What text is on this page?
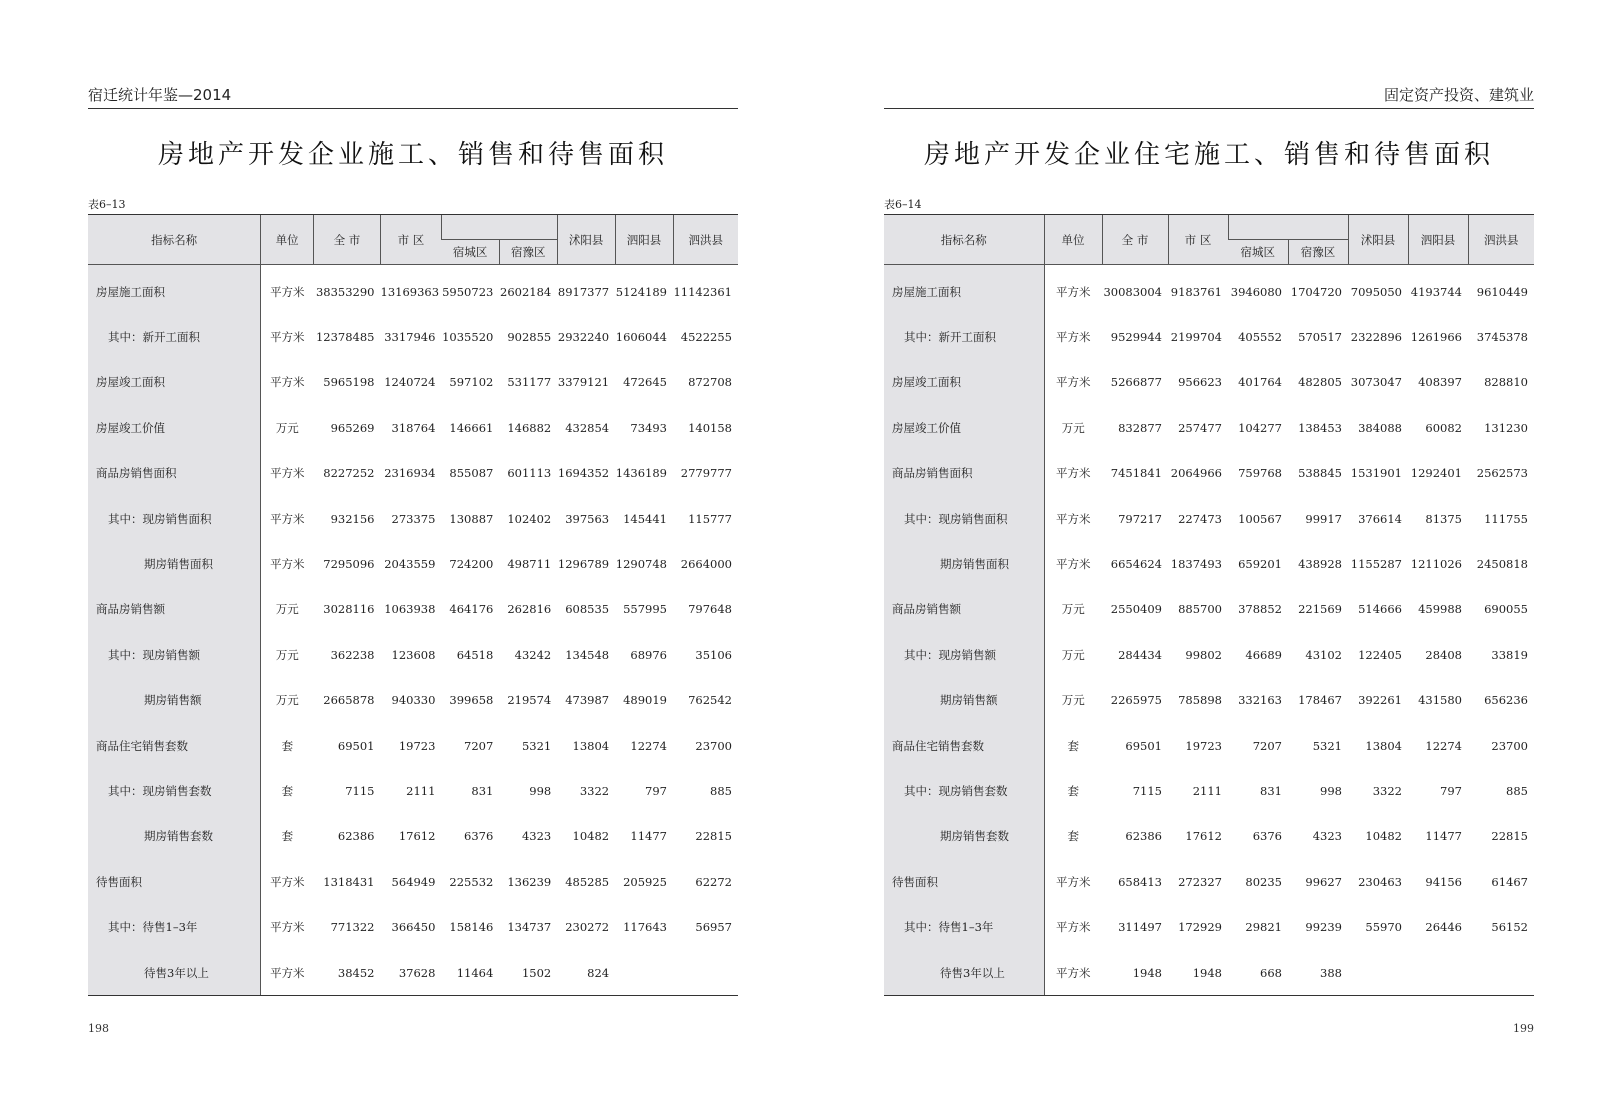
宿迁统计年鉴—2014
房地产开发企业施工、销售和待售面积
表6–13
指标名称	单位	全 市	市 区			沭阳县	泗阳县	泗洪县
				宿城区	宿豫区			
房屋施工面积	平方米	38353290	13169363	5950723	2602184	8917377	5124189	11142361
其中：新开工面积	平方米	12378485	3317946	1035520	902855	2932240	1606044	4522255
房屋竣工面积	平方米	5965198	1240724	597102	531177	3379121	472645	872708
房屋竣工价值	万元	965269	318764	146661	146882	432854	73493	140158
商品房销售面积	平方米	8227252	2316934	855087	601113	1694352	1436189	2779777
其中：现房销售面积	平方米	932156	273375	130887	102402	397563	145441	115777
期房销售面积	平方米	7295096	2043559	724200	498711	1296789	1290748	2664000
商品房销售额	万元	3028116	1063938	464176	262816	608535	557995	797648
其中：现房销售额	万元	362238	123608	64518	43242	134548	68976	35106
期房销售额	万元	2665878	940330	399658	219574	473987	489019	762542
商品住宅销售套数	套	69501	19723	7207	5321	13804	12274	23700
其中：现房销售套数	套	7115	2111	831	998	3322	797	885
期房销售套数	套	62386	17612	6376	4323	10482	11477	22815
待售面积	平方米	1318431	564949	225532	136239	485285	205925	62272
其中：待售1–3年	平方米	771322	366450	158146	134737	230272	117643	56957
待售3年以上	平方米	38452	37628	11464	1502	824		
198
固定资产投资、建筑业
房地产开发企业住宅施工、销售和待售面积
表6–14
指标名称	单位	全 市	市 区			沭阳县	泗阳县	泗洪县
				宿城区	宿豫区			
房屋施工面积	平方米	30083004	9183761	3946080	1704720	7095050	4193744	9610449
其中：新开工面积	平方米	9529944	2199704	405552	570517	2322896	1261966	3745378
房屋竣工面积	平方米	5266877	956623	401764	482805	3073047	408397	828810
房屋竣工价值	万元	832877	257477	104277	138453	384088	60082	131230
商品房销售面积	平方米	7451841	2064966	759768	538845	1531901	1292401	2562573
其中：现房销售面积	平方米	797217	227473	100567	99917	376614	81375	111755
期房销售面积	平方米	6654624	1837493	659201	438928	1155287	1211026	2450818
商品房销售额	万元	2550409	885700	378852	221569	514666	459988	690055
其中：现房销售额	万元	284434	99802	46689	43102	122405	28408	33819
期房销售额	万元	2265975	785898	332163	178467	392261	431580	656236
商品住宅销售套数	套	69501	19723	7207	5321	13804	12274	23700
其中：现房销售套数	套	7115	2111	831	998	3322	797	885
期房销售套数	套	62386	17612	6376	4323	10482	11477	22815
待售面积	平方米	658413	272327	80235	99627	230463	94156	61467
其中：待售1–3年	平方米	311497	172929	29821	99239	55970	26446	56152
待售3年以上	平方米	1948	1948	668	388			
199
